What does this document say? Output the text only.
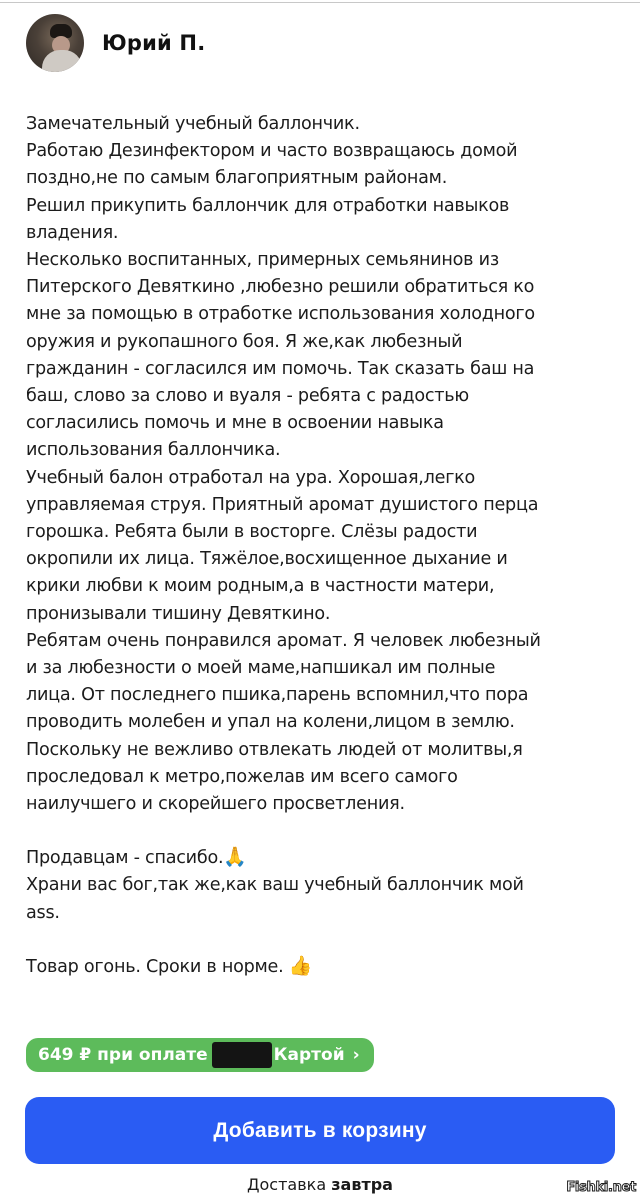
Юрий П.
Замечательный учебный баллончик.
Работаю Дезинфектором и часто возвращаюсь домой
поздно,не по самым благоприятным районам.
Решил прикупить баллончик для отработки навыков
владения.
Несколько воспитанных, примерных семьянинов из
Питерского Девяткино ,любезно решили обратиться ко
мне за помощью в отработке использования холодного
оружия и рукопашного боя. Я же,как любезный
гражданин - согласился им помочь. Так сказать баш на
баш, слово за слово и вуаля - ребята с радостью
согласились помочь и мне в освоении навыка
использования баллончика.
Учебный балон отработал на ура. Хорошая,легко
управляемая струя. Приятный аромат душистого перца
горошка. Ребята были в восторге. Слёзы радости
окропили их лица. Тяжёлое,восхищенное дыхание и
крики любви к моим родным,а в частности матери,
пронизывали тишину Девяткино.
Ребятам очень понравился аромат. Я человек любезный
и за любезности о моей маме,напшикал им полные
лица. От последнего пшика,парень вспомнил,что пора
проводить молебен и упал на колени,лицом в землю.
Поскольку не вежливо отвлекать людей от молитвы,я
проследовал к метро,пожелав им всего самого
наилучшего и скорейшего просветления.
Продавцам - спасибо.🙏
Храни вас бог,так же,как ваш учебный баллончик мой
ass.
Товар огонь. Сроки в норме. 👍
649 ₽
при оплате	Картой ›
Добавить в корзину
Доставка завтра	Fishki.net
